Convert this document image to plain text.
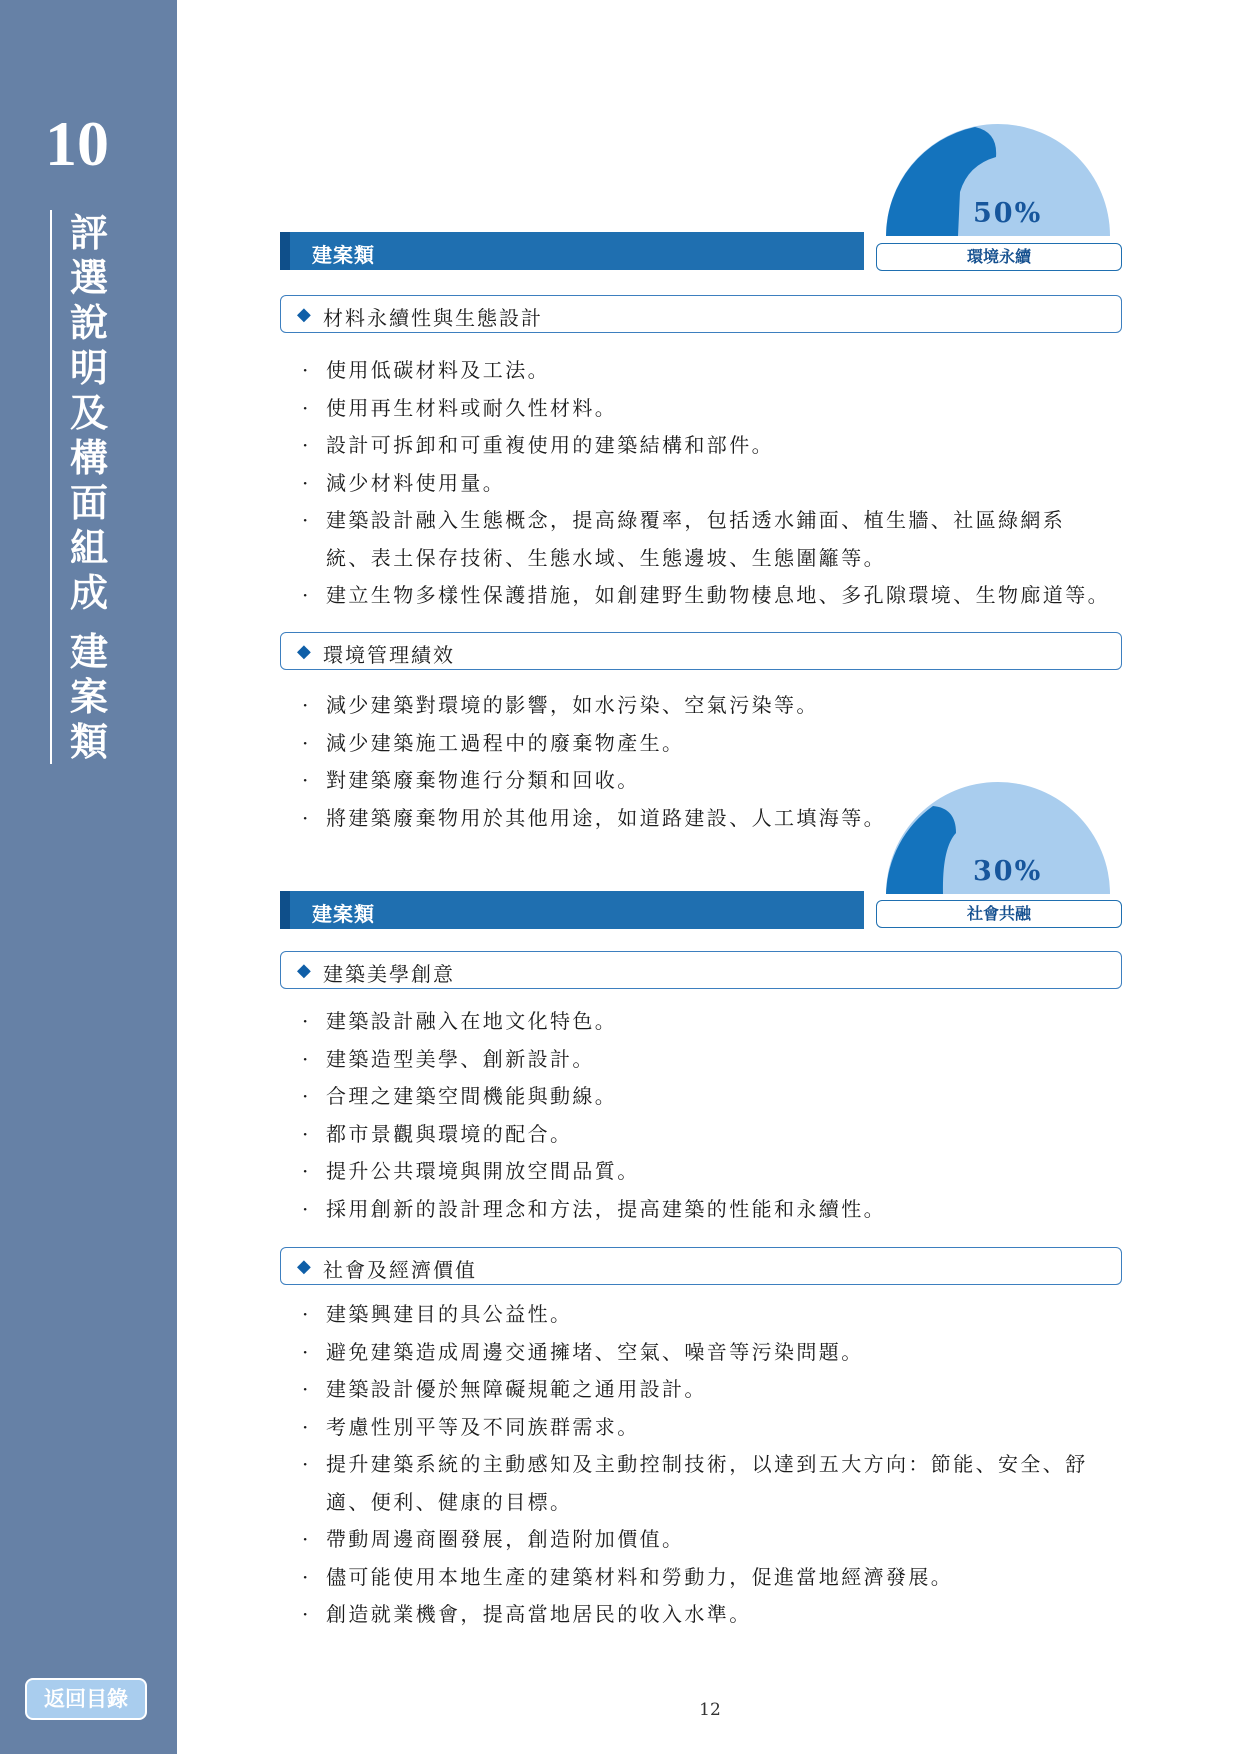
10
評
選
說
明
及
構
面
組
成
建
案
類
返回目錄
50%
環境永續
建案類
◆ 材料永續性與生態設計
· 使用低碳材料及工法。
· 使用再生材料或耐久性材料。
· 設計可拆卸和可重複使用的建築結構和部件。
· 減少材料使用量。
· 建築設計融入生態概念，提高綠覆率，包括透水鋪面、植生牆、社區綠網系統、表土保存技術、生態水域、生態邊坡、生態圍籬等。
· 建立生物多樣性保護措施，如創建野生動物棲息地、多孔隙環境、生物廊道等。
◆ 環境管理績效
· 減少建築對環境的影響，如水污染、空氣污染等。
· 減少建築施工過程中的廢棄物產生。
· 對建築廢棄物進行分類和回收。
· 將建築廢棄物用於其他用途，如道路建設、人工填海等。
30%
社會共融
建案類
◆ 建築美學創意
· 建築設計融入在地文化特色。
· 建築造型美學、創新設計。
· 合理之建築空間機能與動線。
· 都市景觀與環境的配合。
· 提升公共環境與開放空間品質。
· 採用創新的設計理念和方法，提高建築的性能和永續性。
◆ 社會及經濟價值
· 建築興建目的具公益性。
· 避免建築造成周邊交通擁堵、空氣、噪音等污染問題。
· 建築設計優於無障礙規範之通用設計。
· 考慮性別平等及不同族群需求。
· 提升建築系統的主動感知及主動控制技術，以達到五大方向：節能、安全、舒適、便利、健康的目標。
· 帶動周邊商圈發展，創造附加價值。
· 儘可能使用本地生產的建築材料和勞動力，促進當地經濟發展。
· 創造就業機會，提高當地居民的收入水準。
12
